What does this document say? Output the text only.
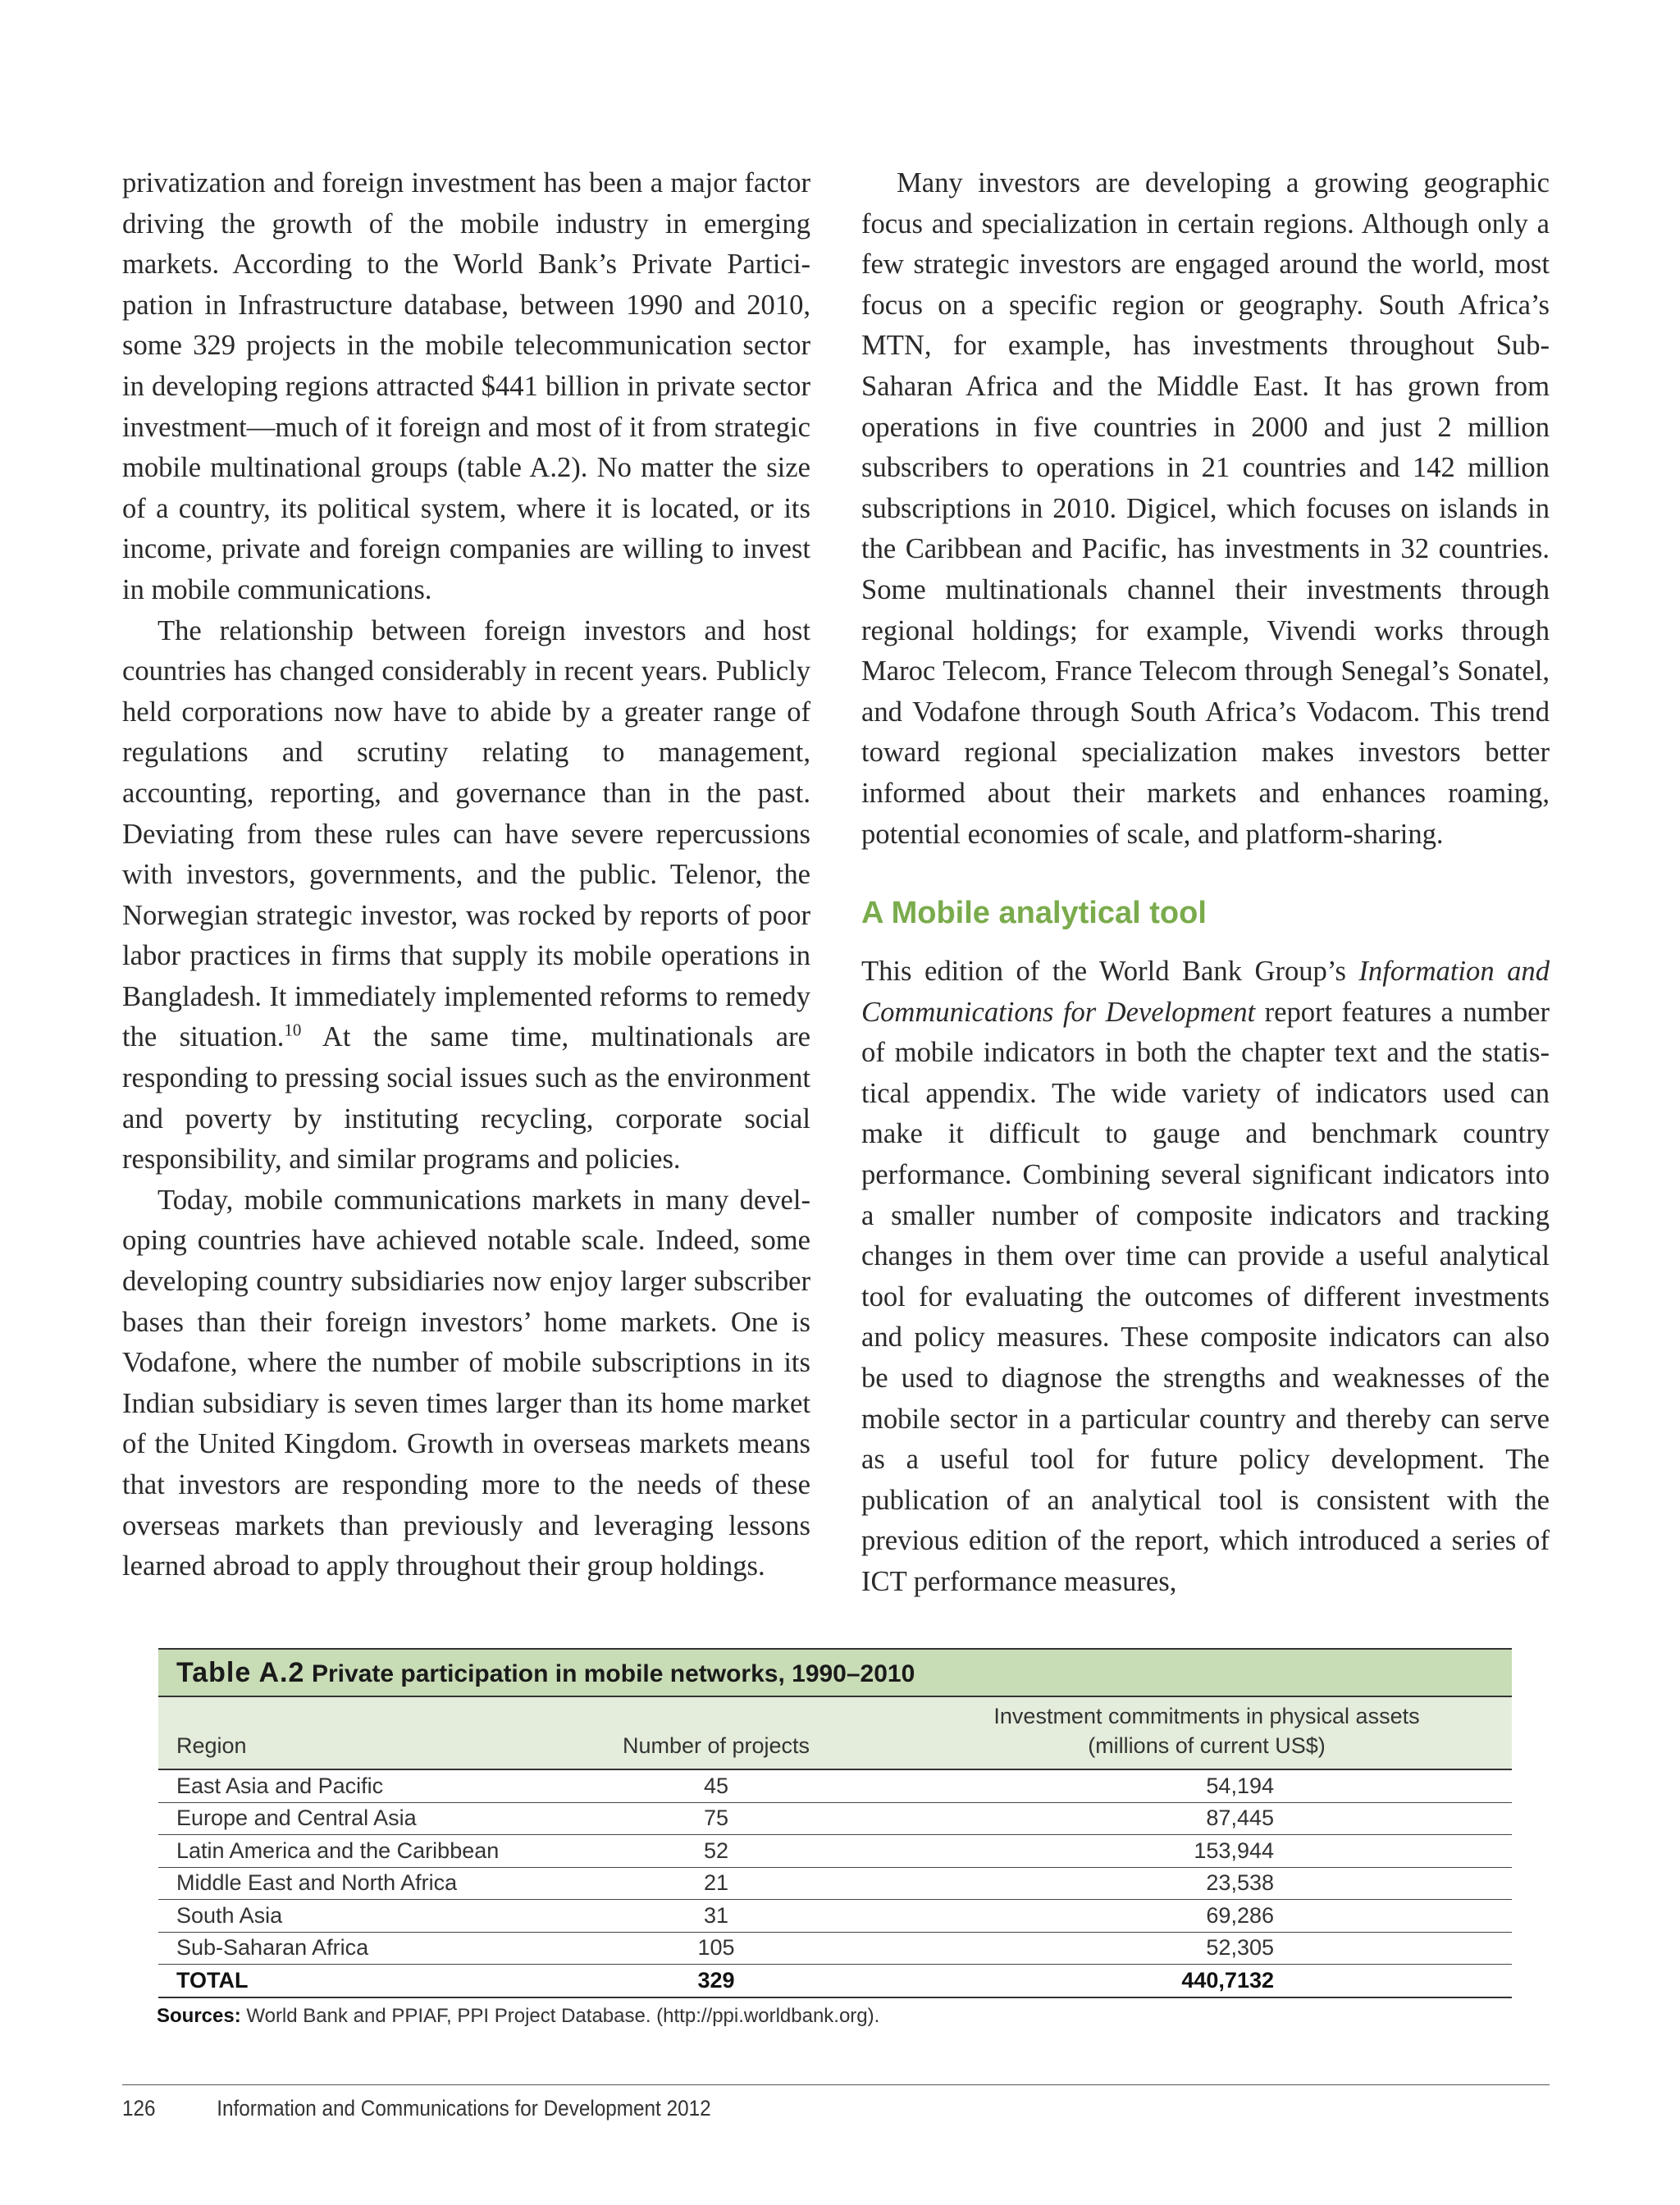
privatization and foreign investment has been a major factor driving the growth of the mobile industry in emerging markets. According to the World Bank’s Private Participation in Infrastructure database, between 1990 and 2010, some 329 projects in the mobile telecommunication sector in developing regions attracted $441 billion in private sector investment—much of it foreign and most of it from strategic mobile multinational groups (table A.2). No matter the size of a country, its political system, where it is located, or its income, private and foreign companies are willing to invest in mobile communications.

The relationship between foreign investors and host countries has changed considerably in recent years. Publicly held corporations now have to abide by a greater range of regulations and scrutiny relating to management, accounting, reporting, and governance than in the past. Deviating from these rules can have severe repercussions with investors, governments, and the public. Telenor, the Norwegian strategic investor, was rocked by reports of poor labor practices in firms that supply its mobile operations in Bangladesh. It immediately implemented reforms to remedy the situation.$^{10}$ At the same time, multinationals are responding to pressing social issues such as the environment and poverty by instituting recycling, corporate social responsibility, and similar programs and policies.

Today, mobile communications markets in many developing countries have achieved notable scale. Indeed, some developing country subsidiaries now enjoy larger subscriber bases than their foreign investors’ home markets. One is Vodafone, where the number of mobile subscriptions in its Indian subsidiary is seven times larger than its home market of the United Kingdom. Growth in overseas markets means that investors are responding more to the needs of these overseas markets than previously and leveraging lessons learned abroad to apply throughout their group holdings.

Many investors are developing a growing geographic focus and specialization in certain regions. Although only a few strategic investors are engaged around the world, most focus on a specific region or geography. South Africa’s MTN, for example, has investments throughout Sub-Saharan Africa and the Middle East. It has grown from operations in five countries in 2000 and just 2 million subscribers to operations in 21 countries and 142 million subscriptions in 2010. Digicel, which focuses on islands in the Caribbean and Pacific, has investments in 32 countries. Some multinationals channel their investments through regional holdings; for example, Vivendi works through Maroc Telecom, France Telecom through Senegal’s Sonatel, and Vodafone through South Africa’s Vodacom. This trend toward regional specialization makes investors better informed about their markets and enhances roaming, potential economies of scale, and platform-sharing.

A Mobile analytical tool

This edition of the World Bank Group’s Information and Communications for Development report features a number of mobile indicators in both the chapter text and the statistical appendix. The wide variety of indicators used can make it difficult to gauge and benchmark country performance. Combining several significant indicators into a smaller number of composite indicators and tracking changes in them over time can provide a useful analytical tool for evaluating the outcomes of different investments and policy measures. These composite indicators can also be used to diagnose the strengths and weaknesses of the mobile sector in a particular country and thereby can serve as a useful tool for future policy development. The publication of an analytical tool is consistent with the previous edition of the report, which introduced a series of ICT performance measures,

Table A.2 Private participation in mobile networks, 1990–2010
Region	Number of projects
Investment commitments in physical assets
(millions of current US$)
East Asia and Pacific	45	54,194
Europe and Central Asia	75	87,445
Latin America and the Caribbean	52	153,944
Middle East and North Africa	21	23,538
South Asia	31	69,286
Sub-Saharan Africa	105	52,305
TOTAL	329	440,7132
Sources: World Bank and PPIAF, PPI Project Database. (http://ppi.worldbank.org).
126	Information and Communications for Development 2012
